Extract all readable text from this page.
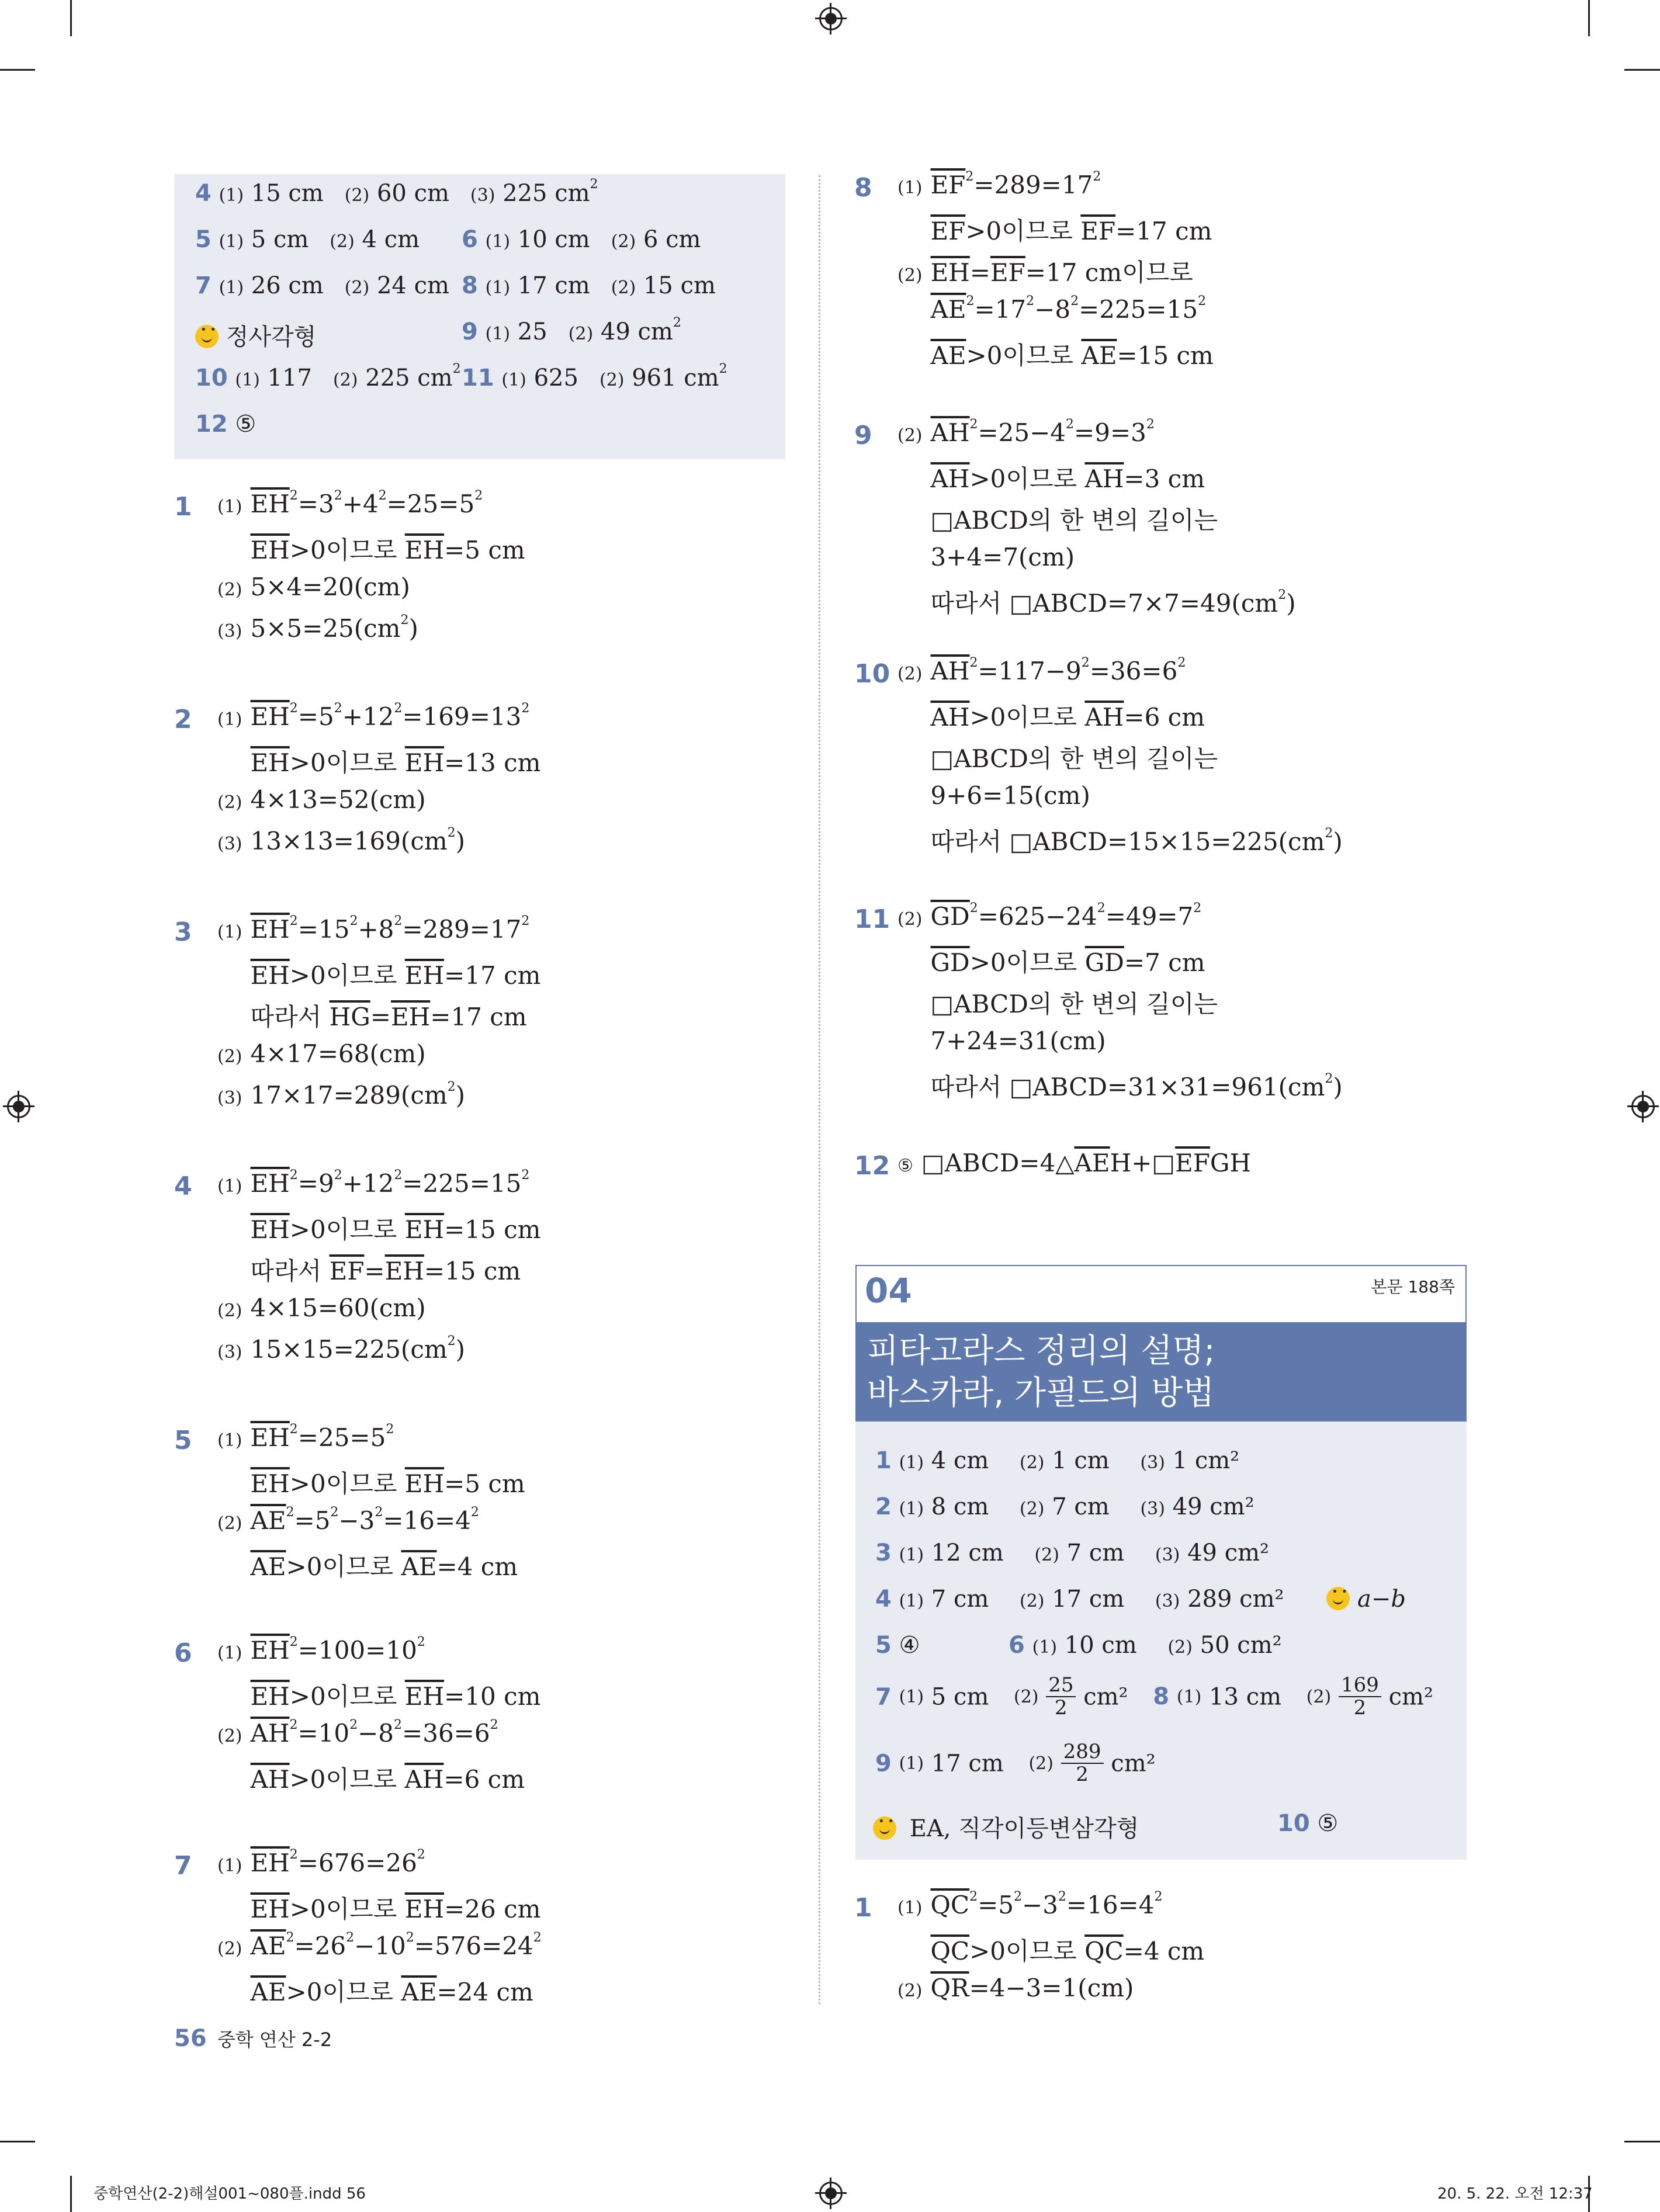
4 (1) 15 cm (2) 60 cm (3) 225 $cm^2$
5 (1) 5 cm (2) 4 cm 6 (1) 10 cm (2) 6 cm
7 (1) 26 cm (2) 24 cm 8 (1) 17 cm (2) 15 cm
• • 정사각형	9 (1) 25 (2) 49 $cm^2$
10 (1) 117 (2) 225 $cm^2$ 11 (1) 625 (2) 961 $cm^2$
12 ⑤
1 (1) $\overline{EH}^2=3^2+4^2=25=5^2$
$\overline{EH}>0$이므로 $\overline{EH}=5$ cm
(2) 5×4=20(cm)
(3) $5\times 5=25(cm^2)$
2 (1) $\overline{EH}^2=5^2+12^2=169=13^2$
$\overline{EH}>0$이므로 $\overline{EH}=13$ cm
(2) 4×13=52(cm)
(3) $13\times 13=169(cm^2)$
3 (1) $\overline{EH}^2=15^2+8^2=289=17^2$
$\overline{EH}>0$이므로 $\overline{EH}=17$ cm
따라서 $\overline{HG}=\overline{EH}=17$ cm
(2) 4×17=68(cm)
(3) $17\times 17=289(cm^2)$
4 (1) $\overline{EH}^2=9^2+12^2=225=15^2$
$\overline{EH}>0$이므로 $\overline{EH}=15$ cm
따라서 $\overline{EF}=\overline{EH}=15$ cm
(2) 4×15=60(cm)
(3) $15\times 15=225(cm^2)$
5 (1) $\overline{EH}^2=25=5^2$
$\overline{EH}>0$이므로 $\overline{EH}=5$ cm
(2) $\overline{AE}^2=5^2-3^2=16=4^2$
$\overline{AE}>0$이므로 $\overline{AE}=4$ cm
6 (1) $\overline{EH}^2=100=10^2$
$\overline{EH}>0$이므로 $\overline{EH}=10$ cm
(2) $\overline{AH}^2=10^2-8^2=36=6^2$
$\overline{AH}>0$이므로 $\overline{AH}=6$ cm
7 (1) $\overline{EH}^2=676=26^2$
$\overline{EH}>0$이므로 $\overline{EH}=26$ cm
(2) $\overline{AE}^2=26^2-10^2=576=24^2$
$\overline{AE}>0$이므로 $\overline{AE}=24$ cm
8 (1) $\overline{EF}^2=289=17^2$
$\overline{EF}>0$이므로 $\overline{EF}=17$ cm
(2) $\overline{EH}=\overline{EF}=17$ cm이므로
$\overline{AE}^2=17^2-8^2=225=15^2$
$\overline{AE}>0$이므로 $\overline{AE}=15$ cm
9 (2) $\overline{AH}^2=25-4^2=9=3^2$
$\overline{AH}>0$이므로 $\overline{AH}=3$ cm
□ABCD의 한 변의 길이는
3+4=7(cm)
따라서 $□ABCD=7\times 7=49(cm^2)$
10 (2) $\overline{AH}^2=117-9^2=36=6^2$
$\overline{AH}>0$이므로 $\overline{AH}=6$ cm
□ABCD의 한 변의 길이는
9+6=15(cm)
따라서 $□ABCD=15\times 15=225(cm^2)$
11 (2) $\overline{GD}^2=625-24^2=49=7^2$
$\overline{GD}>0$이므로 $\overline{GD}=7$ cm
□ABCD의 한 변의 길이는
7+24=31(cm)
따라서 $□ABCD=31\times 31=961(cm^2)$
12 ⑤ $□ABCD=4\triangle\overline{AE}H+□\overline{EF}GH$
04	본문 188쪽
피타고라스 정리의 설명;
바스카라, 가필드의 방법
1 (1) 4 cm (2) 1 cm (3) 1 cm²
2 (1) 8 cm (2) 7 cm (3) 49 cm²
3 (1) 12 cm (2) 7 cm (3) 49 cm²
4 (1) 7 cm (2) 17 cm (3) 289 cm² • •	a−b
5 ④	6 (1) 10 cm (2) 50 cm²
7 (1) 5 cm $(2) \frac{25}{2} cm^2$ 8 (1) 13 cm $(2) \frac{169}{2} cm^2$
9 (1) 17 cm $(2) \frac{289}{2} cm^2$
• • EA, 직각이등변삼각형	10 ⑤
1 (1) $\overline{QC}^2=5^2-3^2=16=4^2$
$\overline{QC}>0$이므로 $\overline{QC}=4$ cm
(2) $\overline{QR}=4-3=1(cm)$
56 중학 연산 2-2
중학연산(2-2)해설001~080플.indd 56	20. 5. 22. 오전 12:37
